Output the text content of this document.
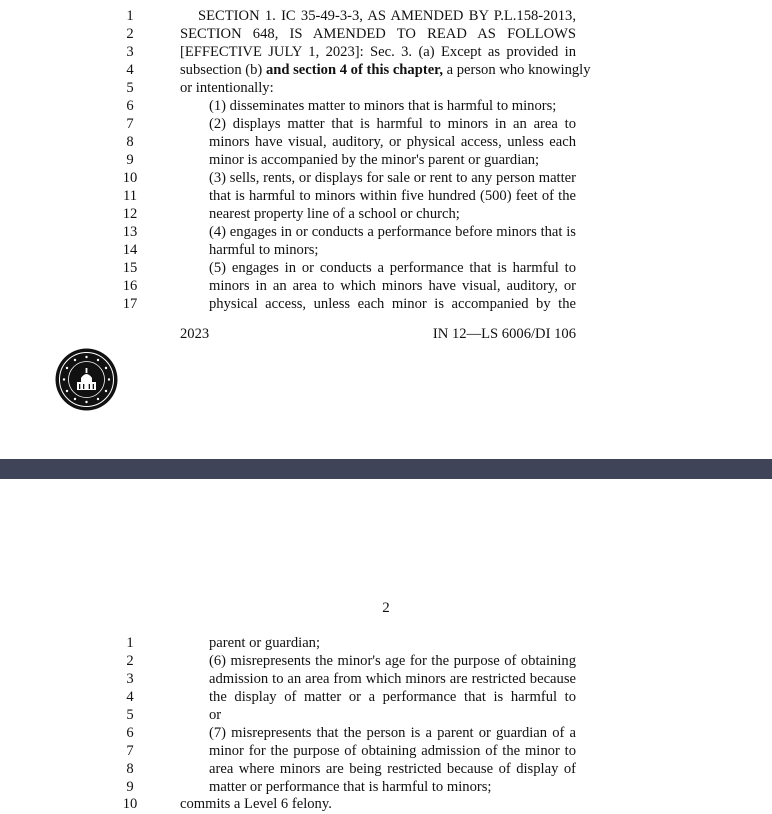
1	SECTION 1. IC 35-49-3-3, AS AMENDED BY P.L.158-2013,
2	SECTION 648, IS AMENDED TO READ AS FOLLOWS
3	[EFFECTIVE JULY 1, 2023]: Sec. 3. (a) Except as provided in
4	subsection (b) and section 4 of this chapter, a person who knowingly
5	or intentionally:
6	(1) disseminates matter to minors that is harmful to minors;
7	(2) displays matter that is harmful to minors in an area to
8	minors have visual, auditory, or physical access, unless each
9	minor is accompanied by the minor's parent or guardian;
10	(3) sells, rents, or displays for sale or rent to any person matter
11	that is harmful to minors within five hundred (500) feet of the
12	nearest property line of a school or church;
13	(4) engages in or conducts a performance before minors that is
14	harmful to minors;
15	(5) engages in or conducts a performance that is harmful to
16	minors in an area to which minors have visual, auditory, or
17	physical access, unless each minor is accompanied by the
2023	IN 12—LS 6006/DI 106
2
1	parent or guardian;
2	(6) misrepresents the minor's age for the purpose of obtaining
3	admission to an area from which minors are restricted because
4	the display of matter or a performance that is harmful to
5	or
6	(7) misrepresents that the person is a parent or guardian of a
7	minor for the purpose of obtaining admission of the minor to
8	area where minors are being restricted because of display of
9	matter or performance that is harmful to minors;
10	commits a Level 6 felony.
